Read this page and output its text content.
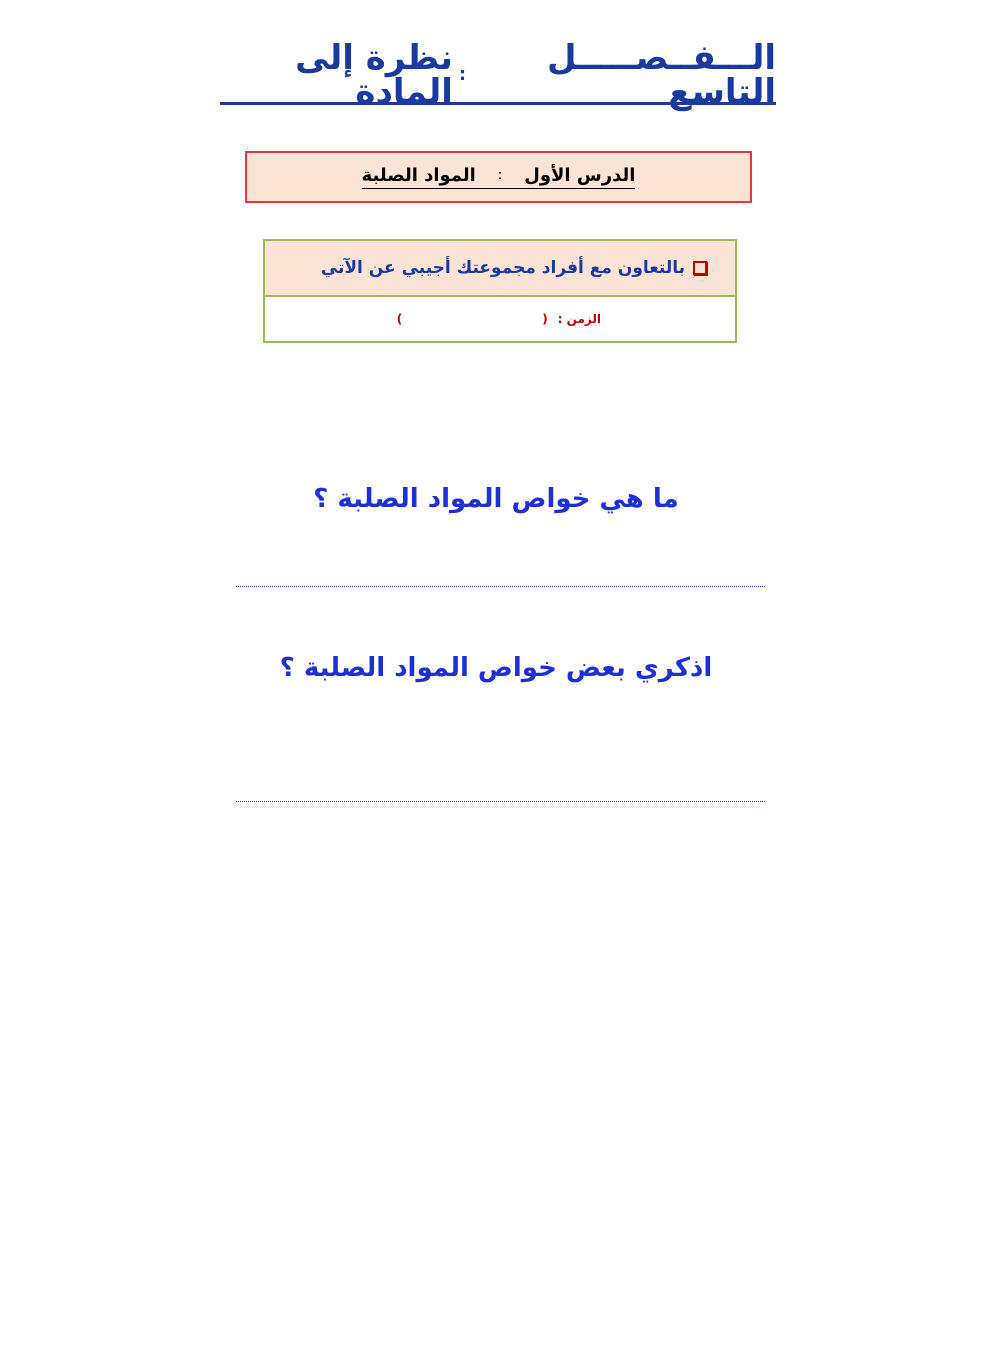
الـــفــصـــــل التاسع
:
نظرة إلى المادة
الدرس الأول
:
المواد الصلبة
بالتعاون مع أفراد مجموعتك أجيبي عن الآتي
الزمن :
(
)
ما هي خواص المواد الصلبة ؟
اذكري بعض خواص المواد الصلبة ؟
